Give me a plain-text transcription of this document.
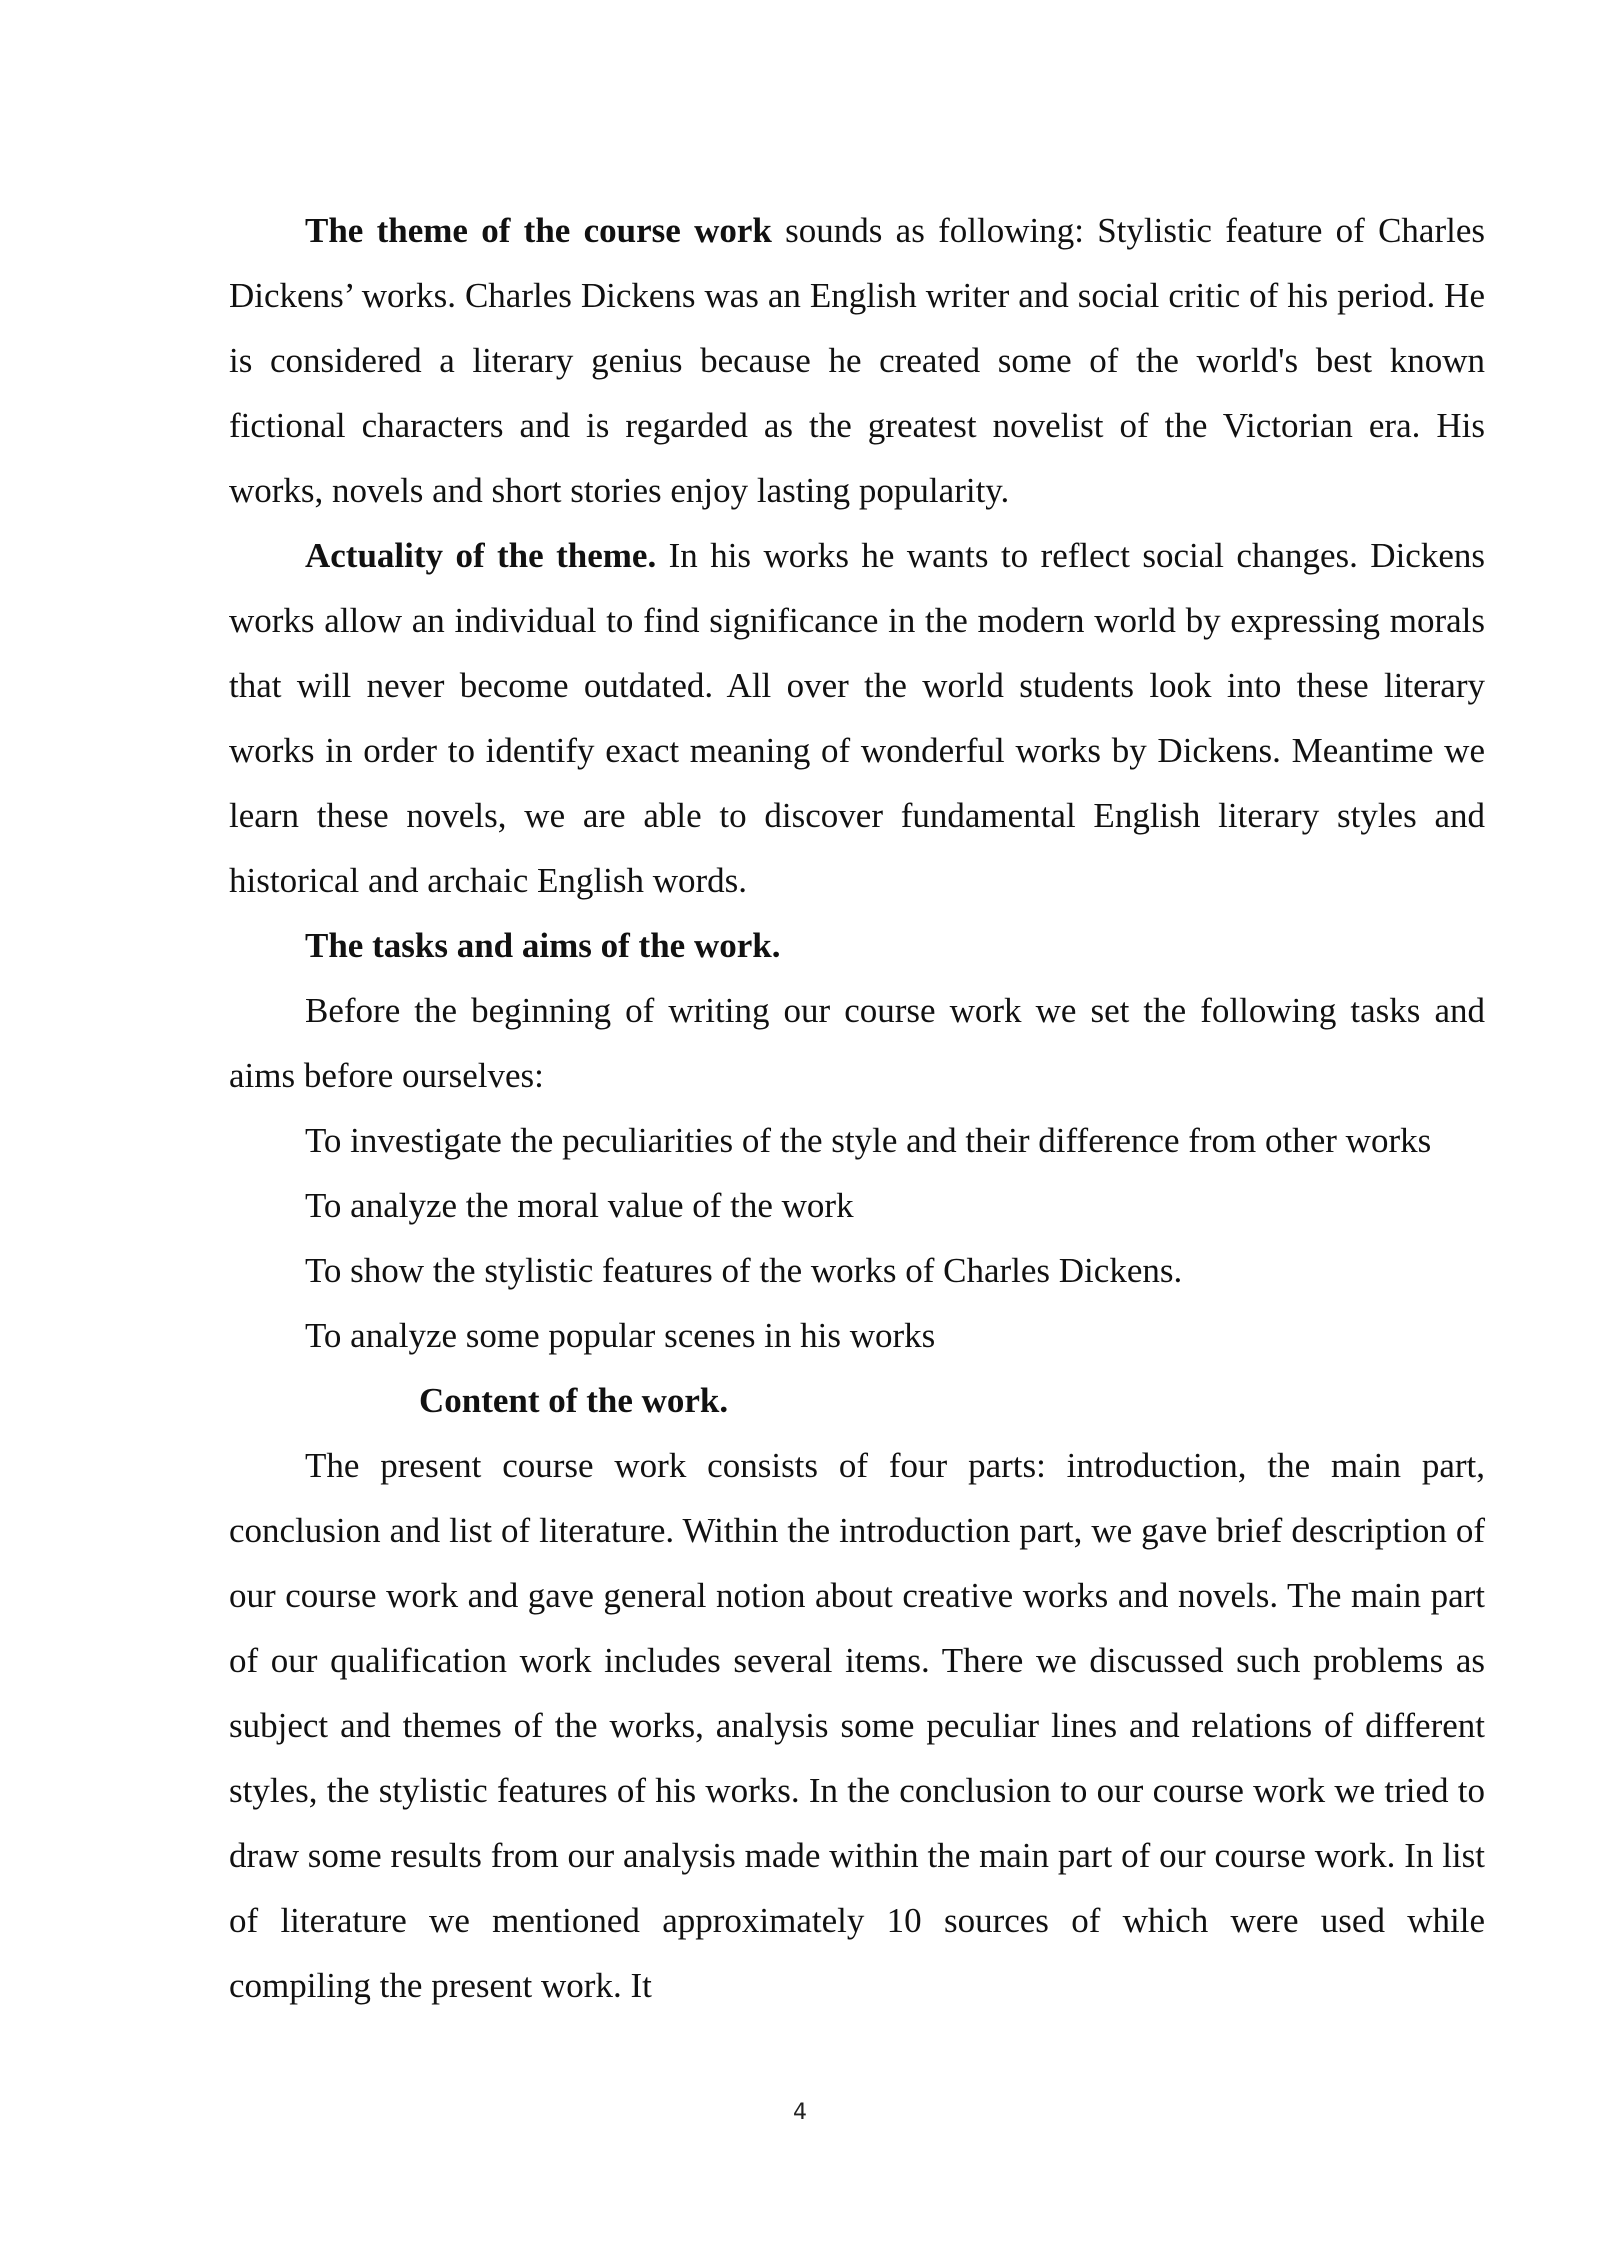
The theme of the course work sounds as following: Stylistic feature of Charles Dickens’ works. Charles Dickens was an English writer and social critic of his period. He is considered a literary genius because he created some of the world's best known fictional characters and is regarded as the greatest novelist of the Victorian era. His works, novels and short stories enjoy lasting popularity.

Actuality of the theme. In his works he wants to reflect social changes. Dickens works allow an individual to find significance in the modern world by expressing morals that will never become outdated. All over the world students look into these literary works in order to identify exact meaning of wonderful works by Dickens. Meantime we learn these novels, we are able to discover fundamental English literary styles and historical and archaic English words.

The tasks and aims of the work.

Before the beginning of writing our course work we set the following tasks and aims before ourselves:

To investigate the peculiarities of the style and their difference from other works

To analyze the moral value of the work

To show the stylistic features of the works of Charles Dickens.

To analyze some popular scenes in his works

Content of the work.

The present course work consists of four parts: introduction, the main part, conclusion and list of literature. Within the introduction part, we gave brief description of our course work and gave general notion about creative works and novels. The main part of our qualification work includes several items. There we discussed such problems as subject and themes of the works, analysis some peculiar lines and relations of different styles, the stylistic features of his works. In the conclusion to our course work we tried to draw some results from our analysis made within the main part of our course work. In list of literature we mentioned approximately 10 sources of which were used while compiling the present work. It

4
